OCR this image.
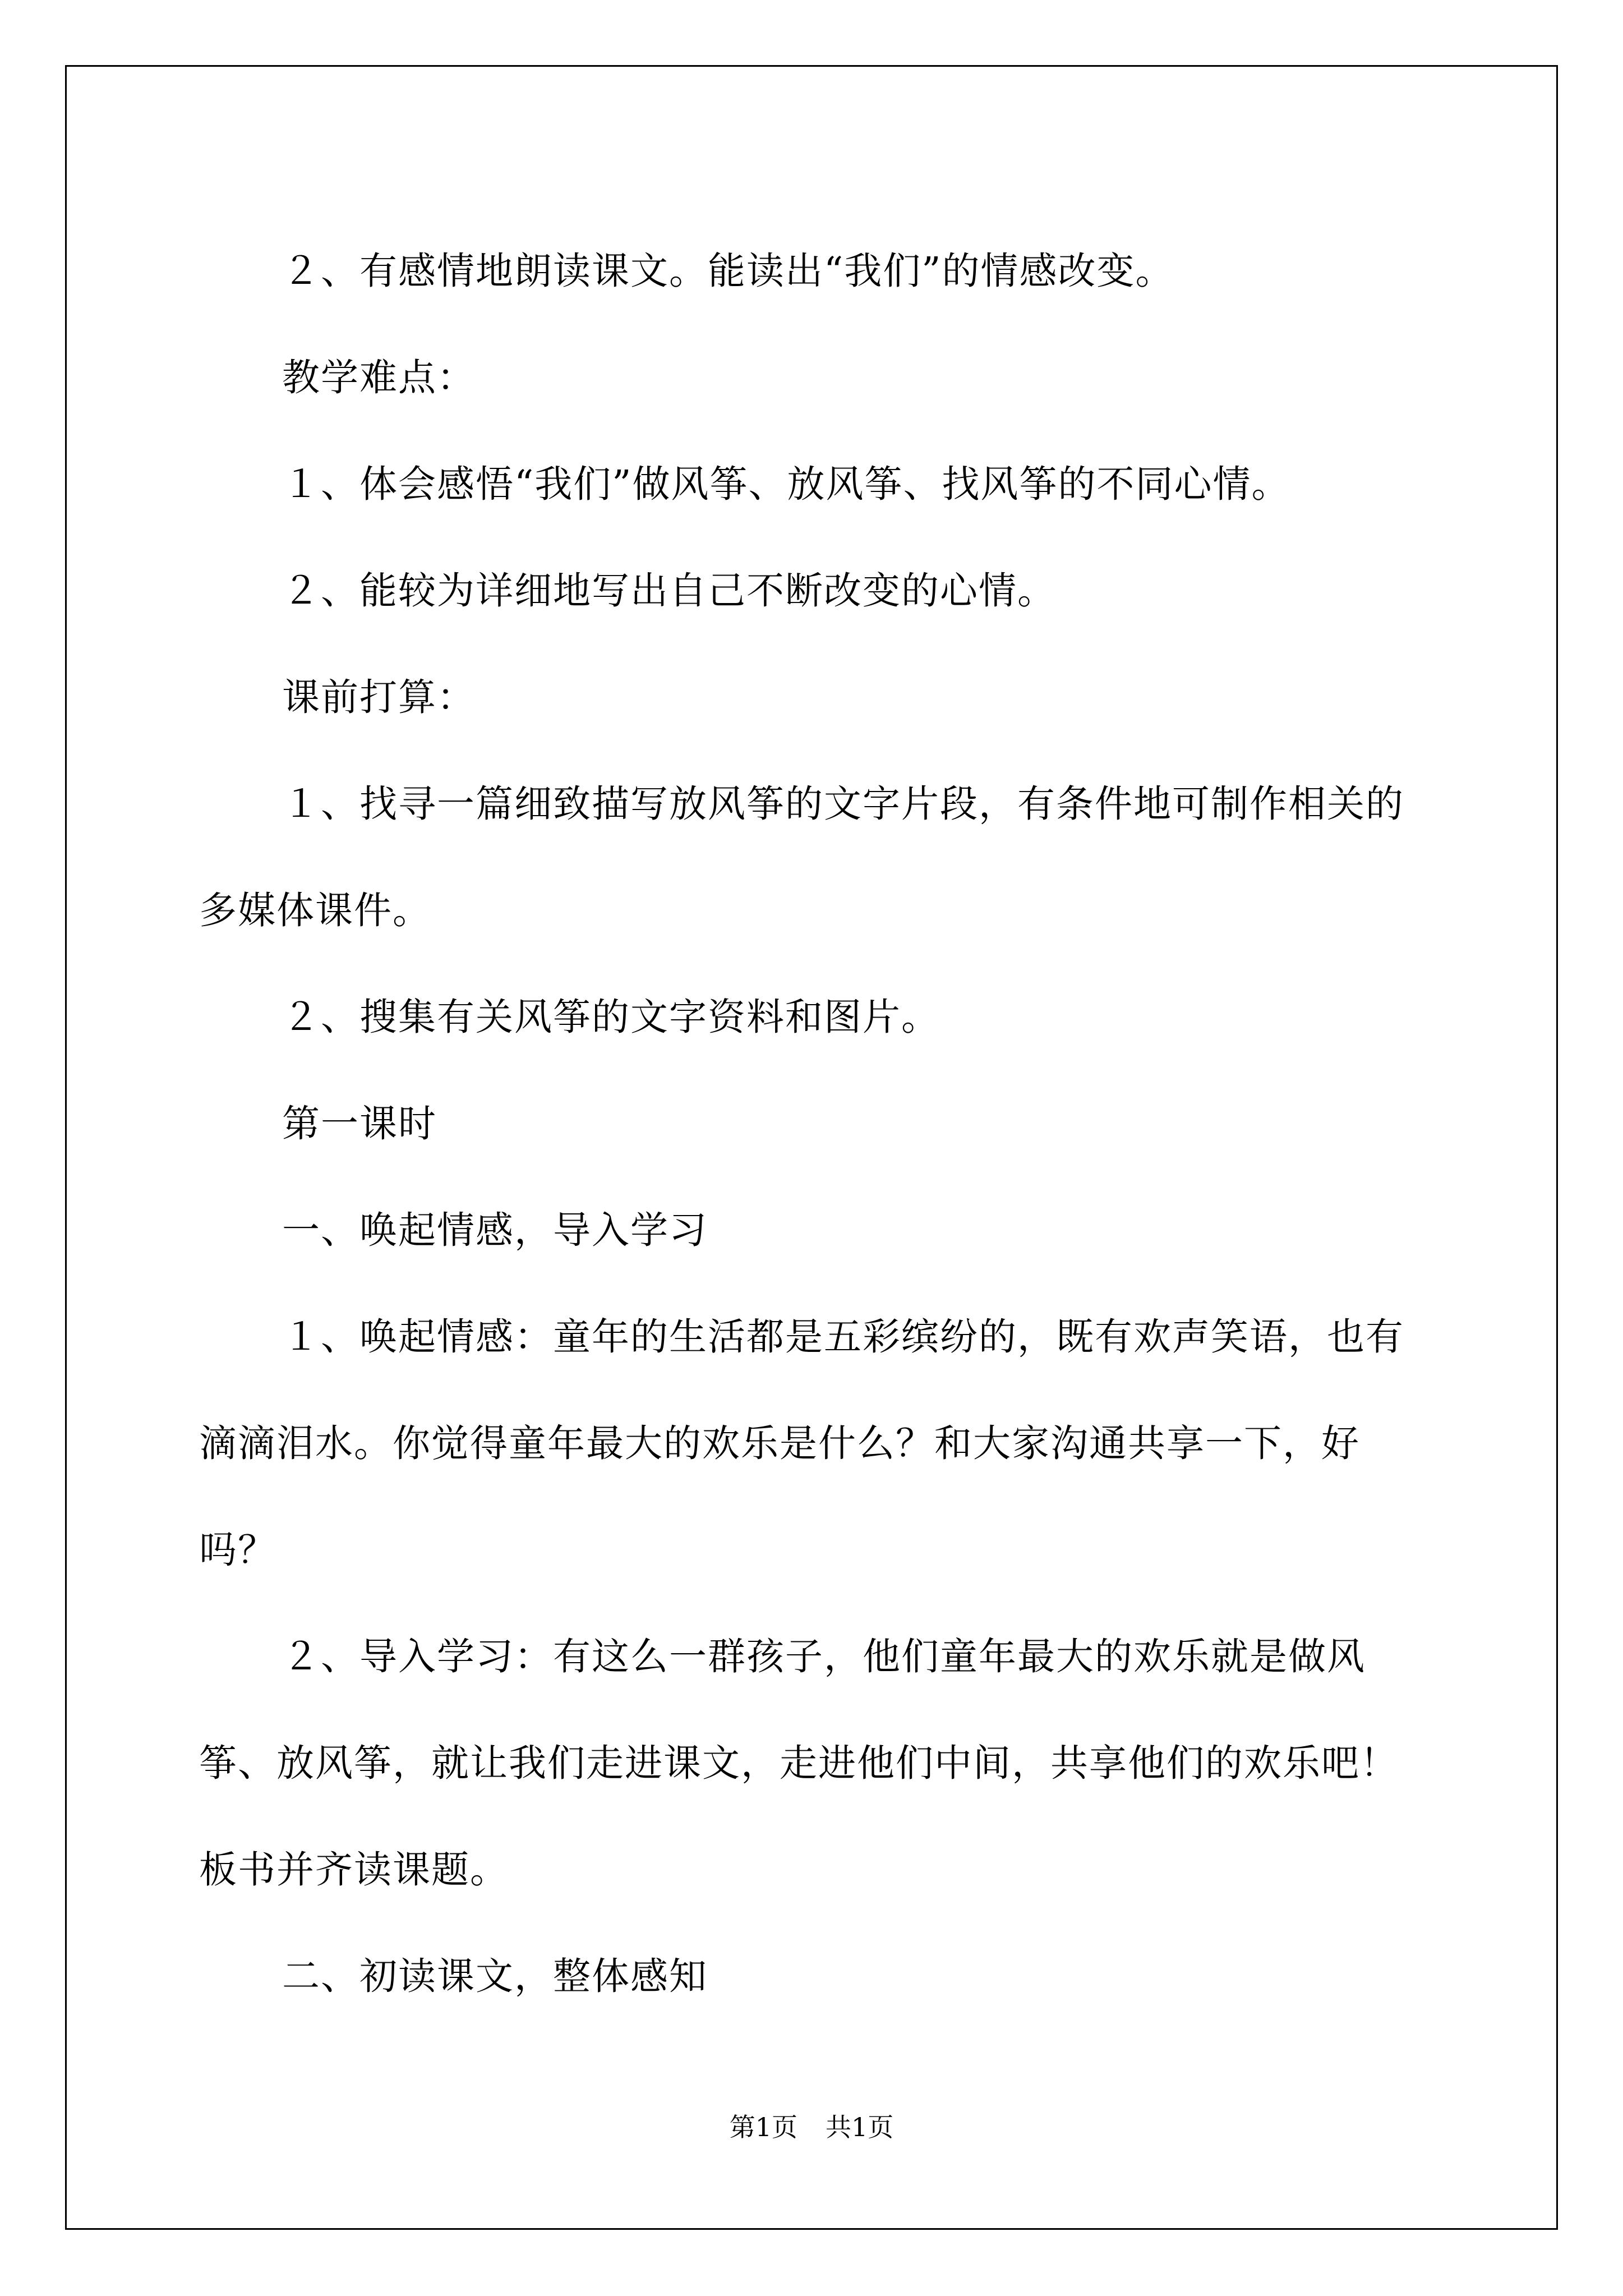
２、有感情地朗读课文。能读出“我们”的情感改变。

教学难点：

１、体会感悟“我们”做风筝、放风筝、找风筝的不同心情。

２、能较为详细地写出自己不断改变的心情。

课前打算：

１、找寻一篇细致描写放风筝的文字片段，有条件地可制作相关的多媒体课件。

２、搜集有关风筝的文字资料和图片。

第一课时

一、唤起情感，导入学习

１、唤起情感：童年的生活都是五彩缤纷的，既有欢声笑语，也有滴滴泪水。你觉得童年最大的欢乐是什么？和大家沟通共享一下，好吗？

２、导入学习：有这么一群孩子，他们童年最大的欢乐就是做风筝、放风筝，就让我们走进课文，走进他们中间，共享他们的欢乐吧！板书并齐读课题。

二、初读课文，整体感知

第1页 共1页
